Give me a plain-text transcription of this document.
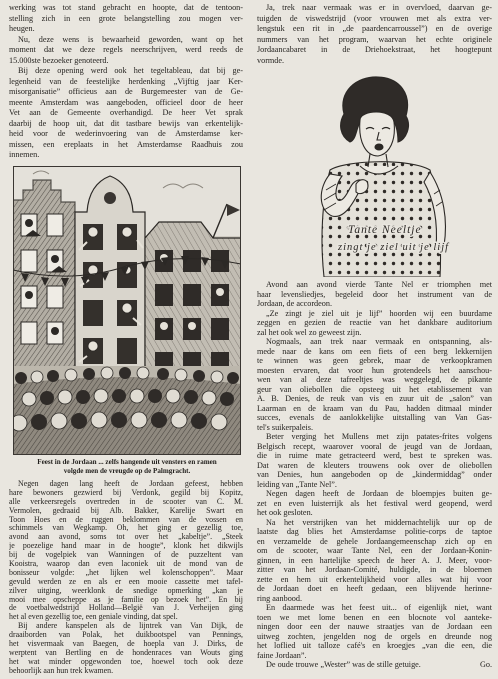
werking was tot stand gebracht en hoopte, dat de tentoon-
stelling zich in een grote belangstelling zou mogen ver-
heugen.
Nu, deze wens is bewaarheid geworden, want op het
moment dat we deze regels neerschrijven, werd reeds de
15.000ste bezoeker genoteerd.
Bij deze opening werd ook het tegeltableau, dat bij ge-
legenheid van de feestelijke herdenking „Vijftig jaar Ker-
misorganisatie” officieus aan de Burgemeester van de Ge-
meente Amsterdam was aangeboden, officieel door de heer
Vet aan de Gemeente overhandigd. De heer Vet sprak
daarbij de hoop uit, dat dit tastbare bewijs van erkentelijk-
heid voor de wederinvoering van de Amsterdamse ker-
missen, een ereplaats in het Amsterdamse Raadhuis zou
innemen.
Feest in de Jordaan ... zelfs hangende uit vensters en ramen
volgde men de vreugde op de Palmgracht.
Negen dagen lang heeft de Jordaan gefeest, hebben
hare bewoners gezwierd bij Verdonk, gegild bij Kopitz,
alle verkeersregels overtreden in de scooter van C. M.
Vermolen, gedraaid bij Alb. Bakker, Karelije Swart en
Toon Hoes en de ruggen beklommen van de vossen en
schimmels van Wegkamp. Oh, het ging er gezellig toe,
avond aan avond, soms tot over het „kabeltje”. „Steek
je poezelige hand maar in de hoogte”, klonk het dikwijls
bij de vogelpiek van Wanningen of de puzzeltent van
Kooistra, waarop dan even laconiek uit de mond van de
bonisseur volgde: „het lijken wel kolenschoppen”. Maar
gevuld werden ze en als er een mooie cassette met tafel-
zilver uitging, weerklonk de snedige opmerking „kan je
mooi mee opscheppe as je familie op bezoek het”. En bij
de voetbalwedstrijd Holland—België van J. Verheijen ging
het al even gezellig toe, een geniale vinding, dat spel.
Bij andere kanspelen als de lijntrek van Van Dijk, de
draaiborden van Polak, het duikbootspel van Pennings,
het visvermaak van Baegen, de hoepla van J. Dirks, de
werptent van Bertling en de hondenraces van Wouts ging
het wat minder opgewonden toe, hoewel toch ook deze
behoorlijk aan hun trek kwamen.
Ja, trek naar vermaak was er in overvloed, daarvan ge-
tuigden de viswedstrijd (voor vrouwen met als extra ver-
lengstuk een rit in „de paardencarroussel”) en de overige
nummers van het program, waarvan het echte originele
Jordaancabaret in de Driehoekstraat, het hoogtepunt
vormde.
Tante Neeltje
zingt je ziel uit je lijf
Avond aan avond vierde Tante Nel er triomphen met
haar levensliedjes, begeleid door het instrument van de
Jordaan, de accordeon.
„Ze zingt je ziel uit je lijf” hoorden wij een buurdame
zeggen en gezien de reactie van het dankbare auditorium
zal het ook wel zo geweest zijn.
Nogmaals, aan trek naar vermaak en ontspanning, als-
mede naar de kans om een fiets of een berg lekkernijen
te winnen was geen gebrek, maar de verkoopkramen
moesten ervaren, dat voor hun grotendeels het aanschou-
wen van al deze tafreeltjes was weggelegd, de pikante
geur van oliebollen die opsteeg uit het etablissement van
A. B. Denies, de reuk van vis en zuur uit de „salon” van
Laarman en de kraam van du Pau, hadden ditmaal minder
succes, evenals de aanlokkelijke uitstalling van Van Gas-
tel's suikerpaleis.
Beter verging het Mullens met zijn patates-frites volgens
Belgisch recept, waarover vooral de jeugd van de Jordaan,
die in ruime mate getracteerd werd, best te spreken was.
Dat waren de kleuters trouwens ook over de oliebollen
van Denies, hun aangeboden op de „kindermiddag” onder
leiding van „Tante Nel”.
Negen dagen heeft de Jordaan de bloempjes buiten ge-
zet en even luisterrijk als het festival werd geopend, werd
het ook gesloten.
Na het verstrijken van het middernachtelijk uur op de
laatste dag blies het Amsterdamse politie-corps de taptoe
en verzamelde de gehele Jordaangemeenschap zich op en
om de scooter, waar Tante Nel, een der Jordaan-Konin-
ginnen, in een hartelijke speech de heer A. J. Meer, voor-
zitter van het Jordaan-Comité, huldigde, in de bloemen
zette en hem uit erkentelijkheid voor alles wat hij voor
de Jordaan doet en heeft gedaan, een blijvende herinne-
ring aanbood.
En daarmede was het feest uit... of eigenlijk niet, want
toen we met lome benen en een blocnote vol aanteke-
ningen door een der nauwe straatjes van de Jordaan een
uitweg zochten, jengelden nog de orgels en dreunde nog
het loflied uit talloze café's en kroegjes „van die een, die
faine Jordaan”.
De oude trouwe „Wester” was de stille getuige.	Go.
